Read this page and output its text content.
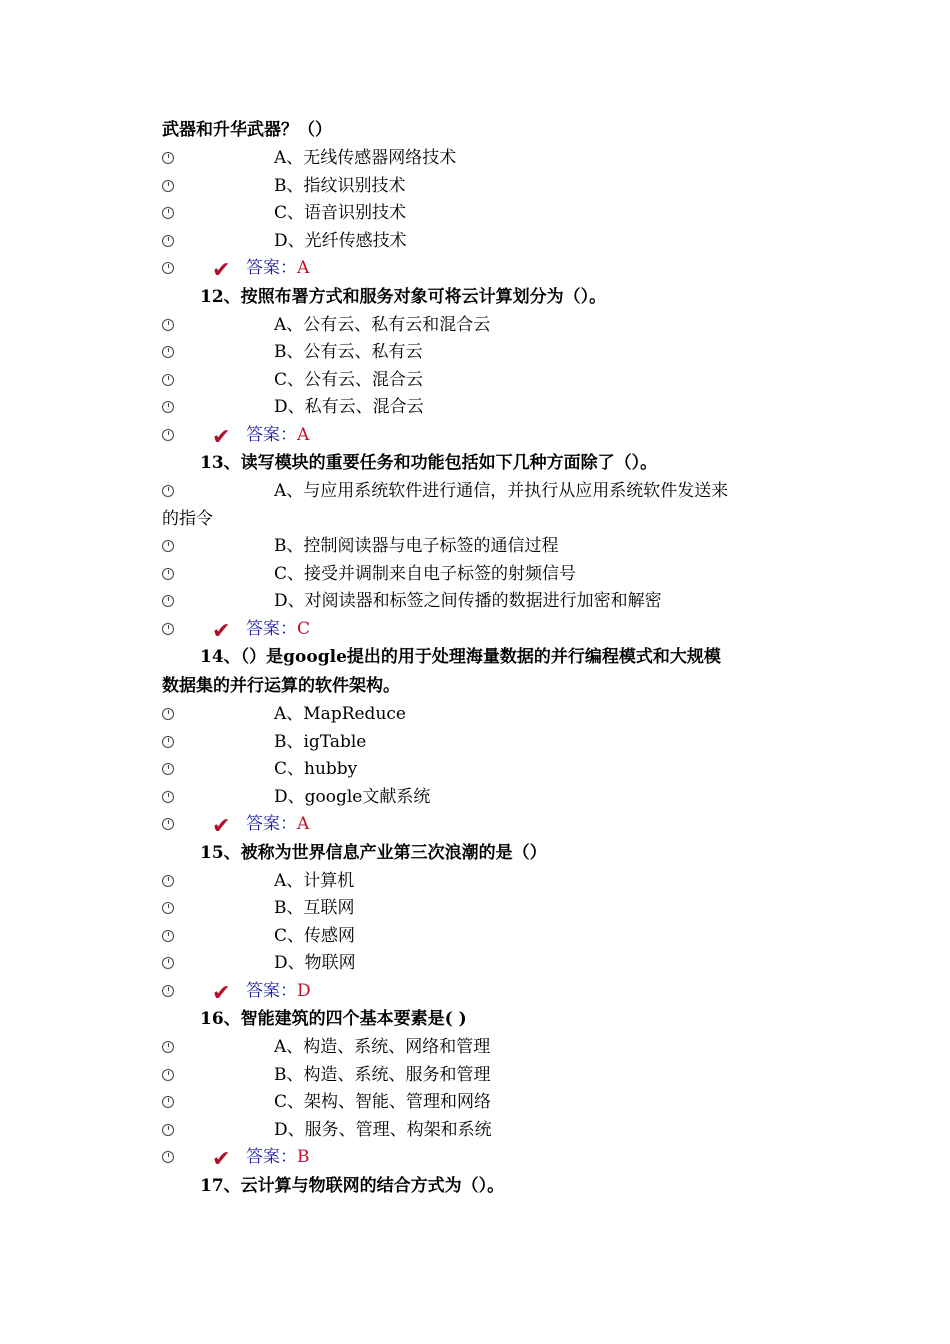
武器和升华武器？（）
A、无线传感器网络技术
B、指纹识别技术
C、语音识别技术
D、光纤传感技术
✔ 答案：A
12、按照布署方式和服务对象可将云计算划分为（）。
A、公有云、私有云和混合云
B、公有云、私有云
C、公有云、混合云
D、私有云、混合云
✔ 答案：A
13、读写模块的重要任务和功能包括如下几种方面除了（）。
A、与应用系统软件进行通信，并执行从应用系统软件发送来
的指令
B、控制阅读器与电子标签的通信过程
C、接受并调制来自电子标签的射频信号
D、对阅读器和标签之间传播的数据进行加密和解密
✔ 答案：C
14、（）是google提出的用于处理海量数据的并行编程模式和大规模
数据集的并行运算的软件架构。
A、MapReduce
B、igTable
C、hubby
D、google文献系统
✔ 答案：A
15、被称为世界信息产业第三次浪潮的是（）
A、计算机
B、互联网
C、传感网
D、物联网
✔ 答案：D
16、智能建筑的四个基本要素是( )
A、构造、系统、网络和管理
B、构造、系统、服务和管理
C、架构、智能、管理和网络
D、服务、管理、构架和系统
✔ 答案：B
17、云计算与物联网的结合方式为（）。
